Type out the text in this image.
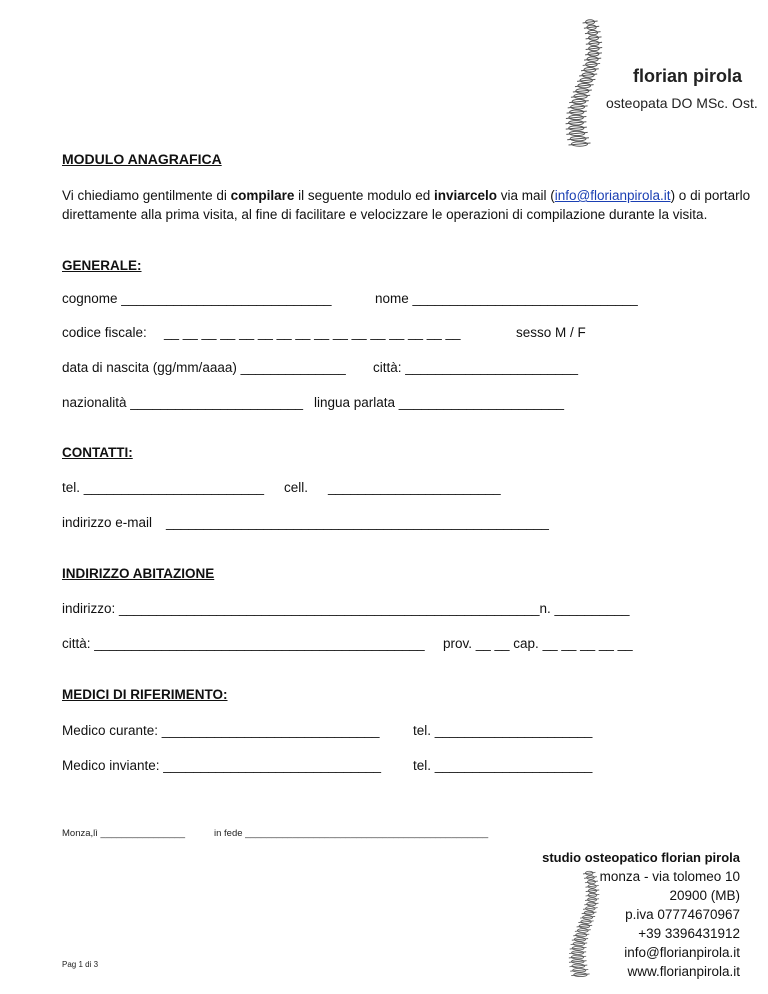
florian pirola
osteopata DO MSc. Ost.
MODULO ANAGRAFICA
Vi chiediamo gentilmente di compilare il seguente modulo ed inviarcelo via mail (info@florianpirola.it) o di portarlo direttamente alla prima visita, al fine di facilitare e velocizzare le operazioni di compilazione durante la visita.
GENERALE:
cognome ____________________________	nome ______________________________
codice fiscale: __ __ __ __ __ __ __ __ __ __ __ __ __ __ __ __	sesso M / F
data di nascita (gg/mm/aaaa) ______________ città: _______________________
nazionalità _______________________ lingua parlata ______________________
CONTATTI:
tel. ________________________ cell. _______________________
indirizzo e-mail ___________________________________________________
INDIRIZZO ABITAZIONE
indirizzo: ________________________________________________________n. __________
città: ____________________________________________ prov. __ __ cap. __ __ __ __ __
MEDICI DI RIFERIMENTO:
Medico curante: _____________________________ tel. _____________________
Medico inviante: _____________________________ tel. _____________________
Monza,lì ________________	in fede ______________________________________________
studio osteopatico florian pirola
monza - via tolomeo 10
20900 (MB)
p.iva 07774670967
+39 3396431912
info@florianpirola.it
www.florianpirola.it
Pag 1 di 3
